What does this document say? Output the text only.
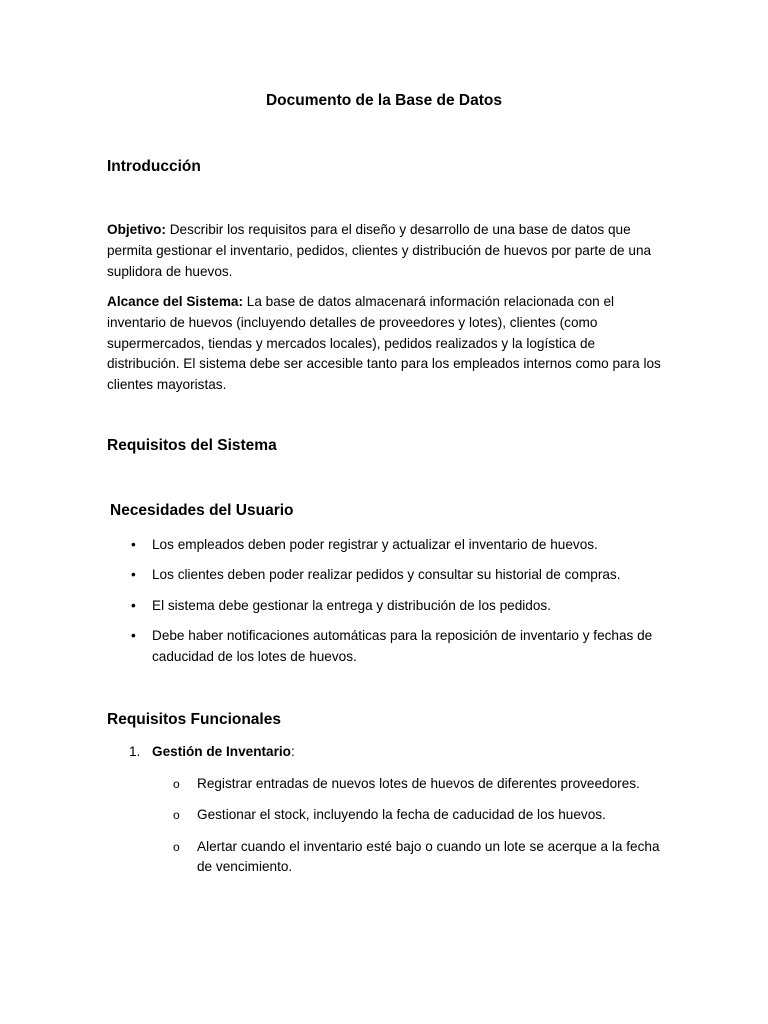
Documento de la Base de Datos
Introducción

Objetivo: Describir los requisitos para el diseño y desarrollo de una base de datos que permita gestionar el inventario, pedidos, clientes y distribución de huevos por parte de una suplidora de huevos.

Alcance del Sistema: La base de datos almacenará información relacionada con el inventario de huevos (incluyendo detalles de proveedores y lotes), clientes (como supermercados, tiendas y mercados locales), pedidos realizados y la logística de distribución. El sistema debe ser accesible tanto para los empleados internos como para los clientes mayoristas.

Requisitos del Sistema
Necesidades del Usuario
• Los empleados deben poder registrar y actualizar el inventario de huevos.
• Los clientes deben poder realizar pedidos y consultar su historial de compras.
• El sistema debe gestionar la entrega y distribución de los pedidos.
• Debe haber notificaciones automáticas para la reposición de inventario y fechas de caducidad de los lotes de huevos.
Requisitos Funcionales
1. Gestión de Inventario:
o Registrar entradas de nuevos lotes de huevos de diferentes proveedores.
o Gestionar el stock, incluyendo la fecha de caducidad de los huevos.
o Alertar cuando el inventario esté bajo o cuando un lote se acerque a la fecha de vencimiento.
